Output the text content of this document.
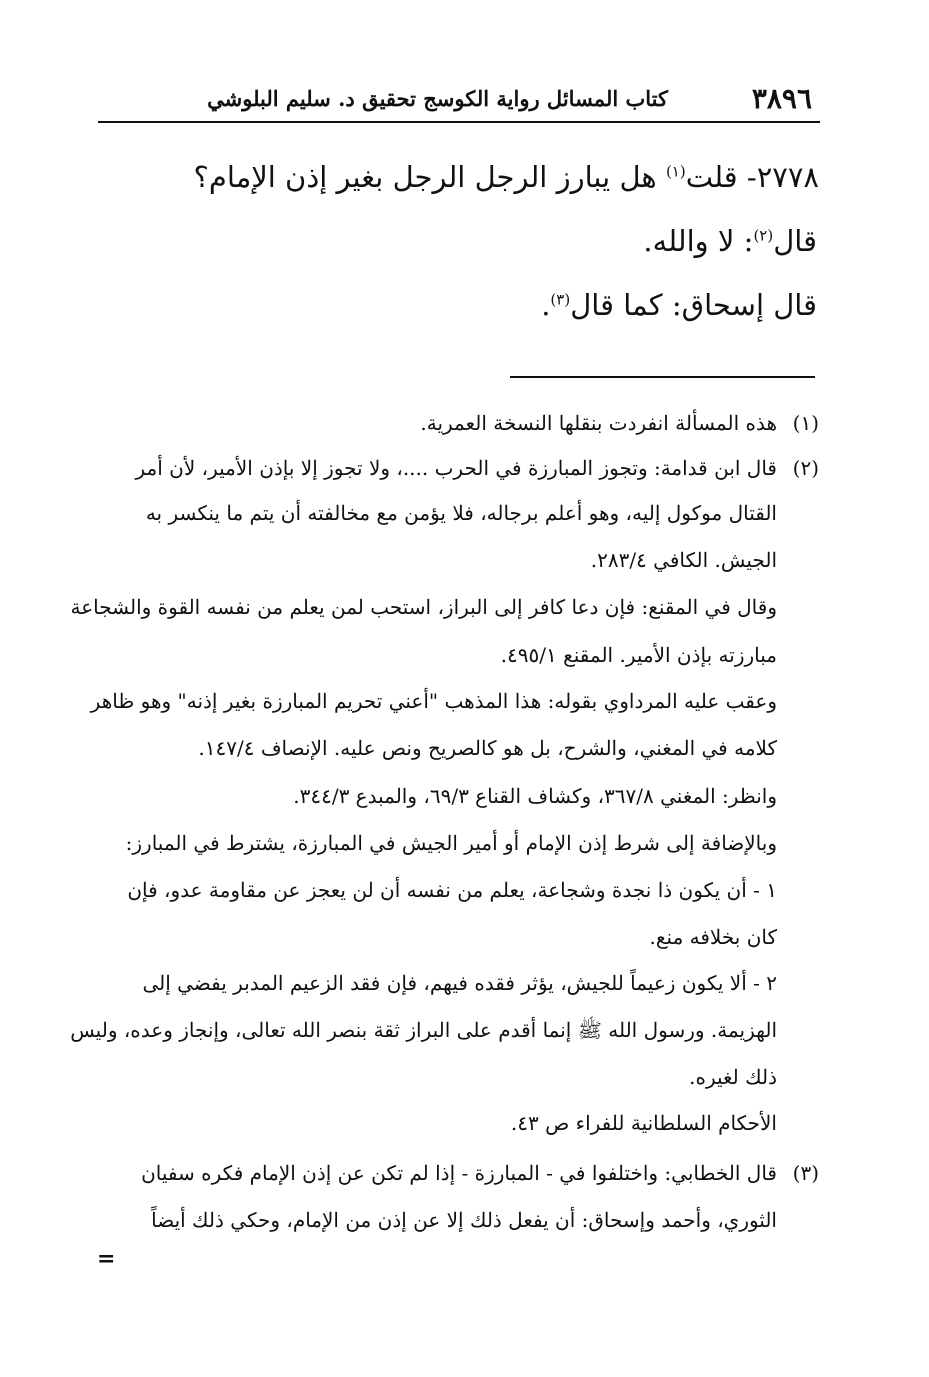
٣٨٩٦
كتاب المسائل رواية الكوسج تحقيق د. سليم البلوشي
٢٧٧٨- قلت$^{(١)}$ هل يبارز الرجل الرجل بغير إذن الإمام؟
قال$^{(٢)}$: لا والله.
قال إسحاق: كما قال$^{(٣)}$.
(١)
هذه المسألة انفردت بنقلها النسخة العمرية.
(٢)
قال ابن قدامة: وتجوز المبارزة في الحرب ....، ولا تجوز إلا بإذن الأمير، لأن أمر
القتال موكول إليه، وهو أعلم برجاله، فلا يؤمن مع مخالفته أن يتم ما ينكسر به
الجيش. الكافي ٢٨٣/٤.
وقال في المقنع: فإن دعا كافر إلى البراز، استحب لمن يعلم من نفسه القوة والشجاعة
مبارزته بإذن الأمير. المقنع ٤٩٥/١.
وعقب عليه المرداوي بقوله: هذا المذهب "أعني تحريم المبارزة بغير إذنه" وهو ظاهر
كلامه في المغني، والشرح، بل هو كالصريح ونص عليه. الإنصاف ١٤٧/٤.
وانظر: المغني ٣٦٧/٨، وكشاف القناع ٦٩/٣، والمبدع ٣٤٤/٣.
وبالإضافة إلى شرط إذن الإمام أو أمير الجيش في المبارزة، يشترط في المبارز:
١ - أن يكون ذا نجدة وشجاعة، يعلم من نفسه أن لن يعجز عن مقاومة عدو، فإن
كان بخلافه منع.
٢ - ألا يكون زعيماً للجيش، يؤثر فقده فيهم، فإن فقد الزعيم المدبر يفضي إلى
الهزيمة. ورسول الله ﷺ إنما أقدم على البراز ثقة بنصر الله تعالى، وإنجاز وعده، وليس
ذلك لغيره.
الأحكام السلطانية للفراء ص ٤٣.
(٣)
قال الخطابي: واختلفوا في - المبارزة - إذا لم تكن عن إذن الإمام فكره سفيان
الثوري، وأحمد وإسحاق: أن يفعل ذلك إلا عن إذن من الإمام، وحكي ذلك أيضاً
=
